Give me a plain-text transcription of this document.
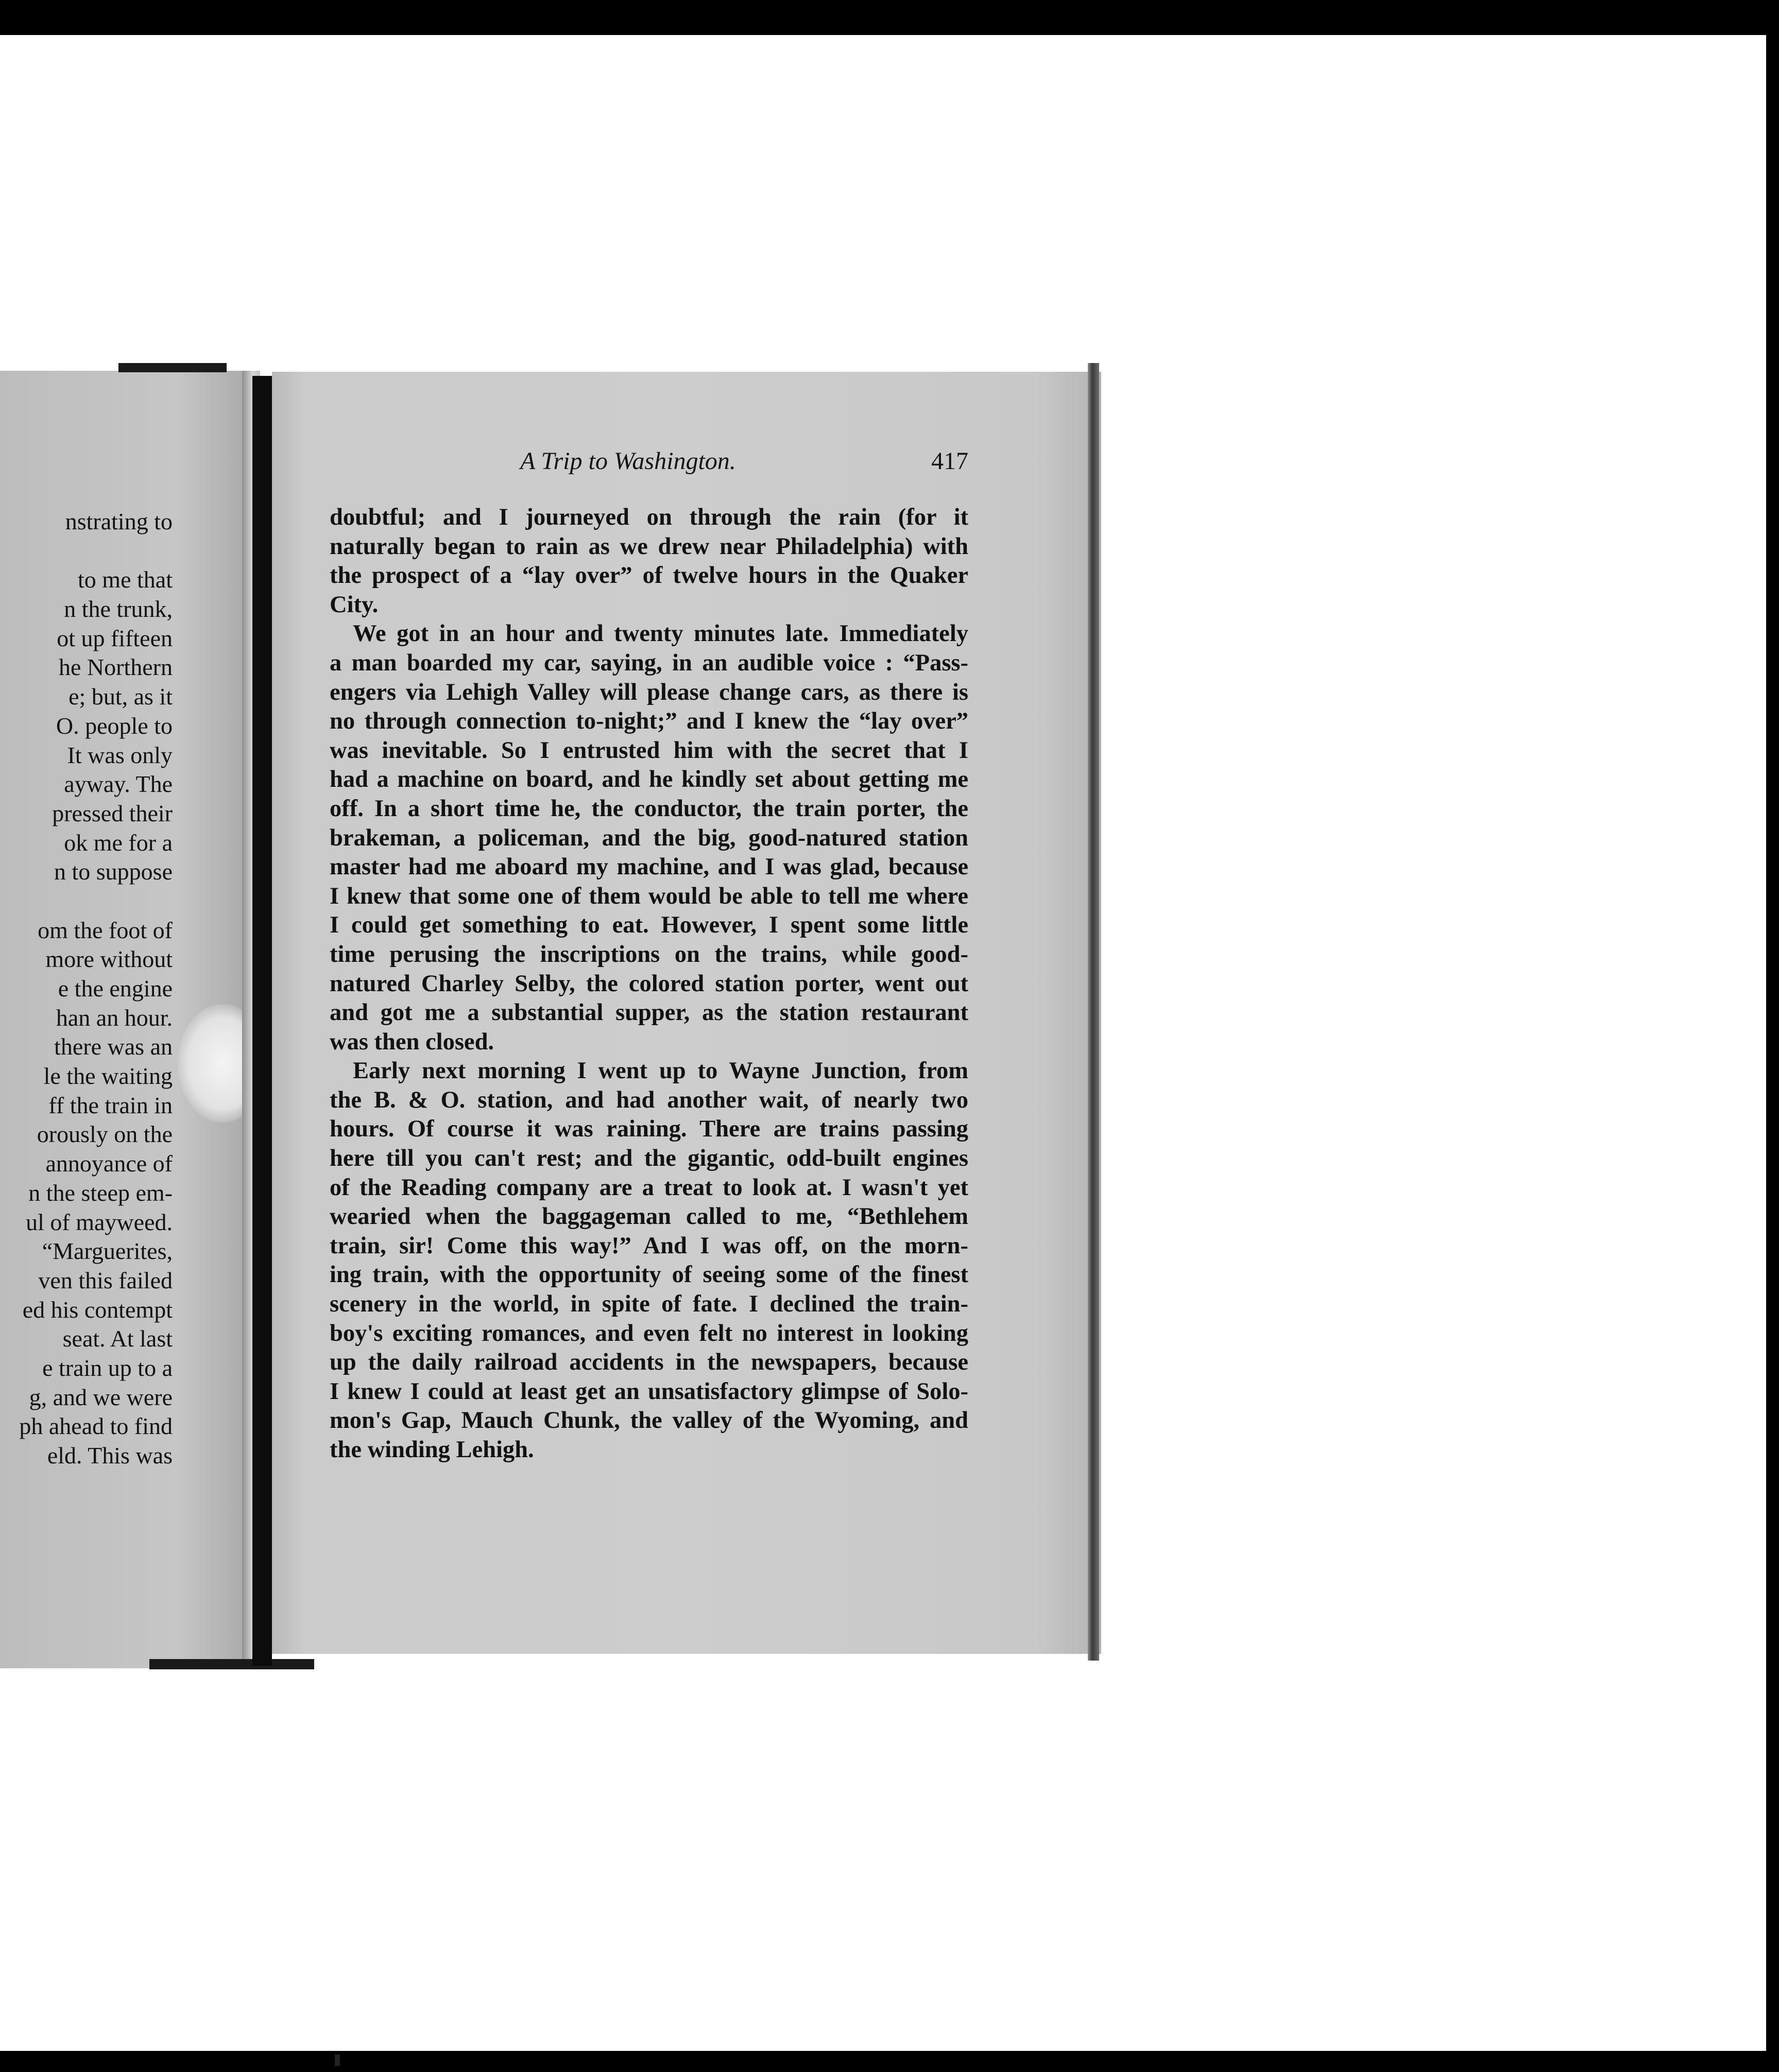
nstrating to
to me that
n the trunk,
ot up fifteen
he Northern
e; but, as it
O. people to
It was only
ayway. The
pressed their
ok me for a
n to suppose
om the foot of
more without
e the engine
han an hour.
there was an
le the waiting
ff the train in
orously on the
annoyance of
n the steep em-
ul of mayweed.
“Marguerites,
ven this failed
ed his contempt
seat. At last
e train up to a
g, and we were
ph ahead to find
eld. This was
A Trip to Washington.	417
doubtful; and I journeyed on through the rain (for it
naturally began to rain as we drew near Philadelphia) with
the prospect of a “lay over” of twelve hours in the Quaker
City.
We got in an hour and twenty minutes late. Immediately
a man boarded my car, saying, in an audible voice : “Pass-
engers via Lehigh Valley will please change cars, as there is
no through connection to-night;” and I knew the “lay over”
was inevitable. So I entrusted him with the secret that I
had a machine on board, and he kindly set about getting me
off. In a short time he, the conductor, the train porter, the
brakeman, a policeman, and the big, good-natured station
master had me aboard my machine, and I was glad, because
I knew that some one of them would be able to tell me where
I could get something to eat. However, I spent some little
time perusing the inscriptions on the trains, while good-
natured Charley Selby, the colored station porter, went out
and got me a substantial supper, as the station restaurant
was then closed.
Early next morning I went up to Wayne Junction, from
the B. & O. station, and had another wait, of nearly two
hours. Of course it was raining. There are trains passing
here till you can't rest; and the gigantic, odd-built engines
of the Reading company are a treat to look at. I wasn't yet
wearied when the baggageman called to me, “Bethlehem
train, sir! Come this way!” And I was off, on the morn-
ing train, with the opportunity of seeing some of the finest
scenery in the world, in spite of fate. I declined the train-
boy's exciting romances, and even felt no interest in looking
up the daily railroad accidents in the newspapers, because
I knew I could at least get an unsatisfactory glimpse of Solo-
mon's Gap, Mauch Chunk, the valley of the Wyoming, and
the winding Lehigh.
